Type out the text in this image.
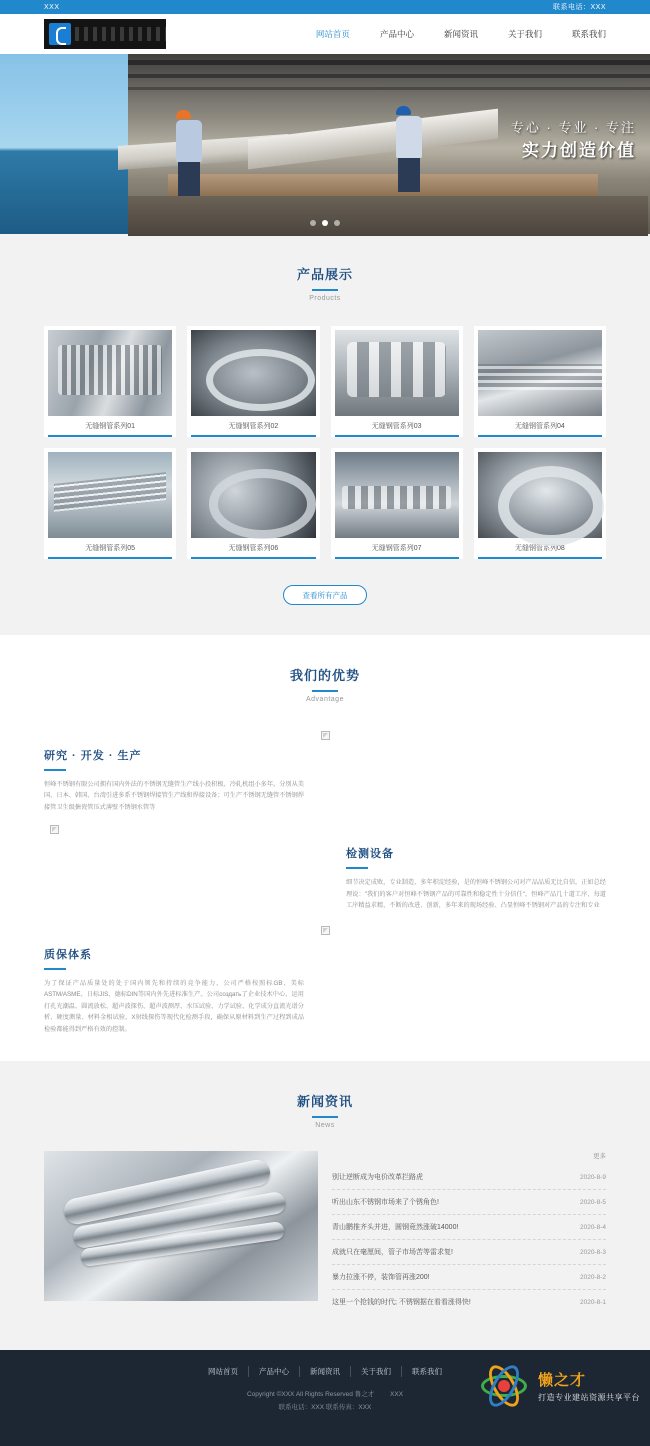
XXX	联系电话：XXX
网站首页	产品中心	新闻资讯	关于我们	联系我们
专心 · 专业 · 专注
实力创造价值
产品展示
Products
无缝钢管系列01	无缝钢管系列02	无缝钢管系列03	无缝钢管系列04
无缝钢管系列05	无缝钢管系列06	无缝钢管系列07	无缝钢管系列08
查看所有产品
我们的优势
Advantage
研究 · 开发 · 生产
恒峰不锈钢有限公司拥有国内外法的不锈钢无缝管生产线小投积极、冷轧机组小多年。分别从美国、日本、韩国、台湾引进多系不锈钢焊接管生产线和焊接设备；可生产不锈钢无缝管不锈钢焊接管卫生级搪瓷管压式薄壁不锈钢水管等
检测设备
细节决定成败，专业制造、多年积淀经验，是的恒峰不锈钢公司对产品品质无比自信，正如总经理说："我们的客户对恒峰不锈钢产品的可靠性和稳定性十分信任"。恒峰产品几十道工序、每道工序精益求精，不断的改进、创新，多年来的现场经验、凸显恒峰不锈钢对产品的专注和专业
质保体系
为了保证产品质量处的处于国内领先和持续的竞争能力，公司严格按照标GB、美标ASTM/ASME、日标JIS、德标DIN等国内外先进标准生产。公司создать了企业技术中心，运用打孔光潮温、圆流放松、超声波探伤、超声波测厚、水压试验、力学试验、化学成分直流光谱分析、硬度测量、材料金相试验、X射线探伤等现代化检测手段，确保从原材料到生产过程到成品检验都能得到严格有效的控制。
新闻资讯
News
更多
别让逆断成为电价改革拦路虎	2020-8-9
听出山东不锈钢市场来了个锈角色!	2020-8-5
青山鹏推齐头并进，圆钢竟然涨破14000!	2020-8-4
成就只在毫厘间，管子市场苦等雷求复!	2020-8-3
暴力拉涨不停，装饰管再涨200!	2020-8-2
这里一个抢钱的时代; 不锈钢据在看看涨得快!	2020-8-1
网站首页	产品中心	新闻资讯	关于我们	联系我们
Copyright ©XXX All Rights Reserved 鲁之才 XXX
联系电话：XXX 联系传真：XXX
懒之才
打造专业建站资源共享平台
